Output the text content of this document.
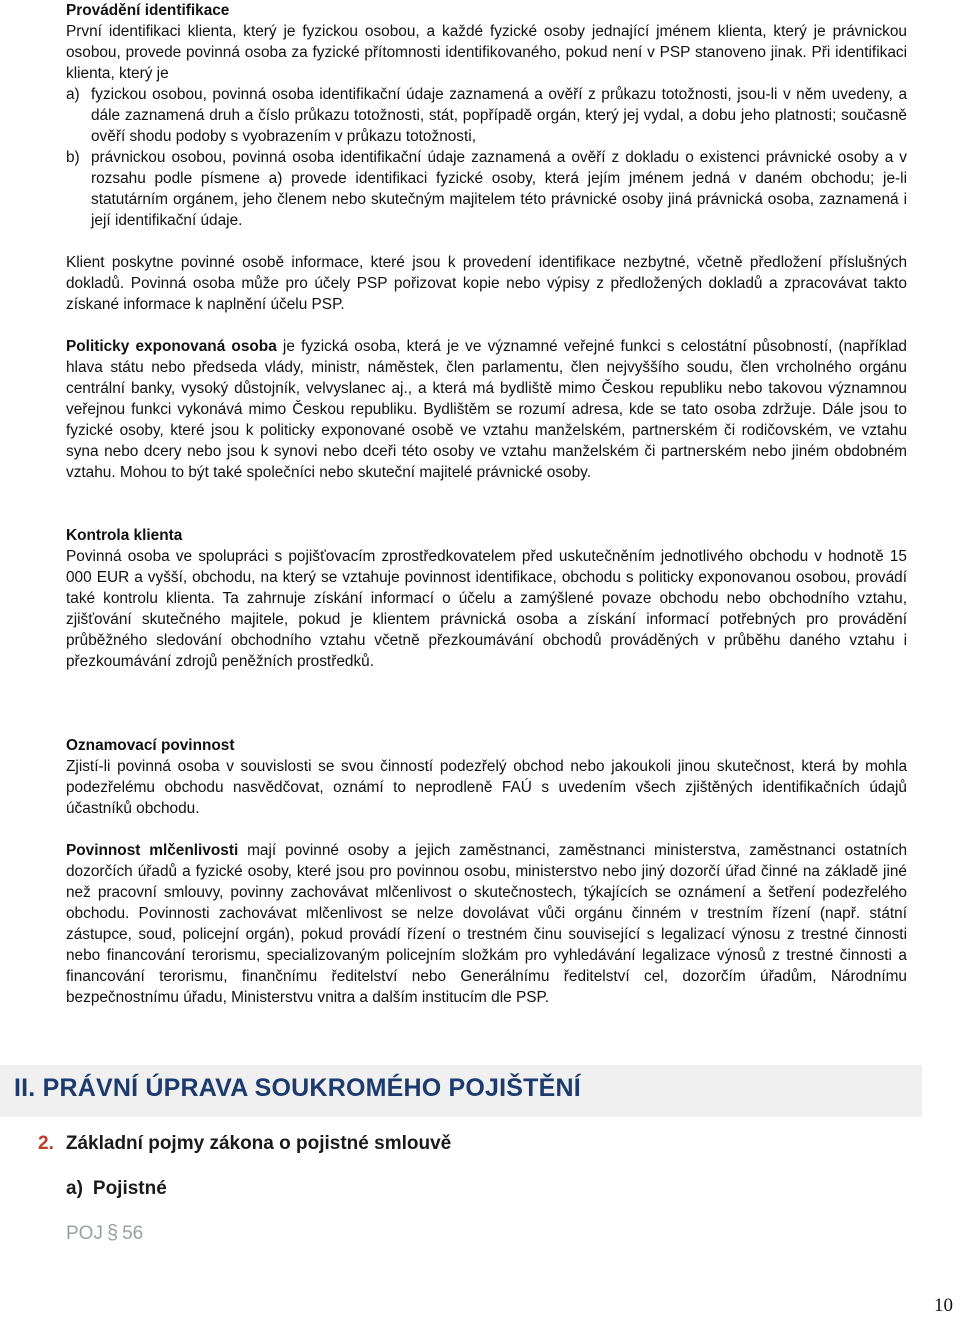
Provádění identifikace

První identifikaci klienta, který je fyzickou osobou, a každé fyzické osoby jednající jménem klienta, který je právnickou osobou, provede povinná osoba za fyzické přítomnosti identifikovaného, pokud není v PSP stanoveno jinak. Při identifikaci klienta, který je

a) fyzickou osobou, povinná osoba identifikační údaje zaznamená a ověří z průkazu totožnosti, jsou-li v něm uvedeny, a dále zaznamená druh a číslo průkazu totožnosti, stát, popřípadě orgán, který jej vydal, a dobu jeho platnosti; současně ověří shodu podoby s vyobrazením v průkazu totožnosti,
b) právnickou osobou, povinná osoba identifikační údaje zaznamená a ověří z dokladu o existenci právnické osoby a v rozsahu podle písmene a) provede identifikaci fyzické osoby, která jejím jménem jedná v daném obchodu; je-li statutárním orgánem, jeho členem nebo skutečným majitelem této právnické osoby jiná právnická osoba, zaznamená i její identifikační údaje.

Klient poskytne povinné osobě informace, které jsou k provedení identifikace nezbytné, včetně předložení příslušných dokladů. Povinná osoba může pro účely PSP pořizovat kopie nebo výpisy z předložených dokladů a zpracovávat takto získané informace k naplnění účelu PSP.

Politicky exponovaná osoba je fyzická osoba, která je ve významné veřejné funkci s celostátní působností, (například hlava státu nebo předseda vlády, ministr, náměstek, člen parlamentu, člen nejvyššího soudu, člen vrcholného orgánu centrální banky, vysoký důstojník, velvyslanec aj., a která má bydliště mimo Českou republiku nebo takovou významnou veřejnou funkci vykonává mimo Českou republiku. Bydlištěm se rozumí adresa, kde se tato osoba zdržuje. Dále jsou to fyzické osoby, které jsou k politicky exponované osobě ve vztahu manželském, partnerském či rodičovském, ve vztahu syna nebo dcery nebo jsou k synovi nebo dceři této osoby ve vztahu manželském či partnerském nebo jiném obdobném vztahu. Mohou to být také společníci nebo skuteční majitelé právnické osoby.

Kontrola klienta

Povinná osoba ve spolupráci s pojišťovacím zprostředkovatelem před uskutečněním jednotlivého obchodu v hodnotě 15 000 EUR a vyšší, obchodu, na který se vztahuje povinnost identifikace, obchodu s politicky exponovanou osobou, provádí také kontrolu klienta. Ta zahrnuje získání informací o účelu a zamýšlené povaze obchodu nebo obchodního vztahu, zjišťování skutečného majitele, pokud je klientem právnická osoba a získání informací potřebných pro provádění průběžného sledování obchodního vztahu včetně přezkoumávání obchodů prováděných v průběhu daného vztahu i přezkoumávání zdrojů peněžních prostředků.

Oznamovací povinnost

Zjistí-li povinná osoba v souvislosti se svou činností podezřelý obchod nebo jakoukoli jinou skutečnost, která by mohla podezřelému obchodu nasvědčovat, oznámí to neprodleně FAÚ s uvedením všech zjištěných identifikačních údajů účastníků obchodu.

Povinnost mlčenlivosti mají povinné osoby a jejich zaměstnanci, zaměstnanci ministerstva, zaměstnanci ostatních dozorčích úřadů a fyzické osoby, které jsou pro povinnou osobu, ministerstvo nebo jiný dozorčí úřad činné na základě jiné než pracovní smlouvy, povinny zachovávat mlčenlivost o skutečnostech, týkajících se oznámení a šetření podezřelého obchodu. Povinnosti zachovávat mlčenlivost se nelze dovolávat vůči orgánu činném v trestním řízení (např. státní zástupce, soud, policejní orgán), pokud provádí řízení o trestném činu související s legalizací výnosu z trestné činnosti nebo financování terorismu, specializovaným policejním složkám pro vyhledávání legalizace výnosů z trestné činnosti a financování terorismu, finančnímu ředitelství nebo Generálnímu ředitelství cel, dozorčím úřadům, Národnímu bezpečnostnímu úřadu, Ministerstvu vnitra a dalším institucím dle PSP.

II. PRÁVNÍ ÚPRAVA SOUKROMÉHO POJIŠTĚNÍ
2. Základní pojmy zákona o pojistné smlouvě
a) Pojistné
POJ § 56
10
